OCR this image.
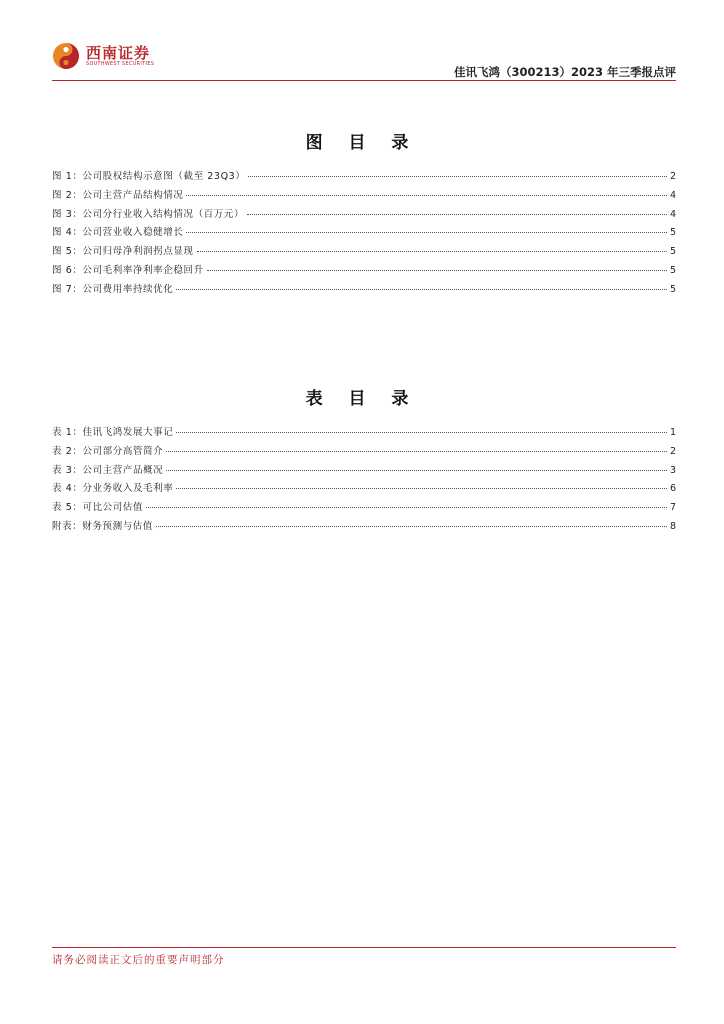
西南证券
SOUTHWEST SECURITIES
佳讯飞鸿（300213）2023 年三季报点评
图 目 录
图 1：公司股权结构示意图（截至 23Q3）	2
图 2：公司主营产品结构情况	4
图 3：公司分行业收入结构情况（百万元）	4
图 4：公司营业收入稳健增长	5
图 5：公司归母净利润拐点显现	5
图 6：公司毛利率净利率企稳回升	5
图 7：公司费用率持续优化	5
表 目 录
表 1：佳讯飞鸿发展大事记	1
表 2：公司部分高管简介	2
表 3：公司主营产品概况	3
表 4：分业务收入及毛利率	6
表 5：可比公司估值	7
附表：财务预测与估值	8
请务必阅读正文后的重要声明部分
